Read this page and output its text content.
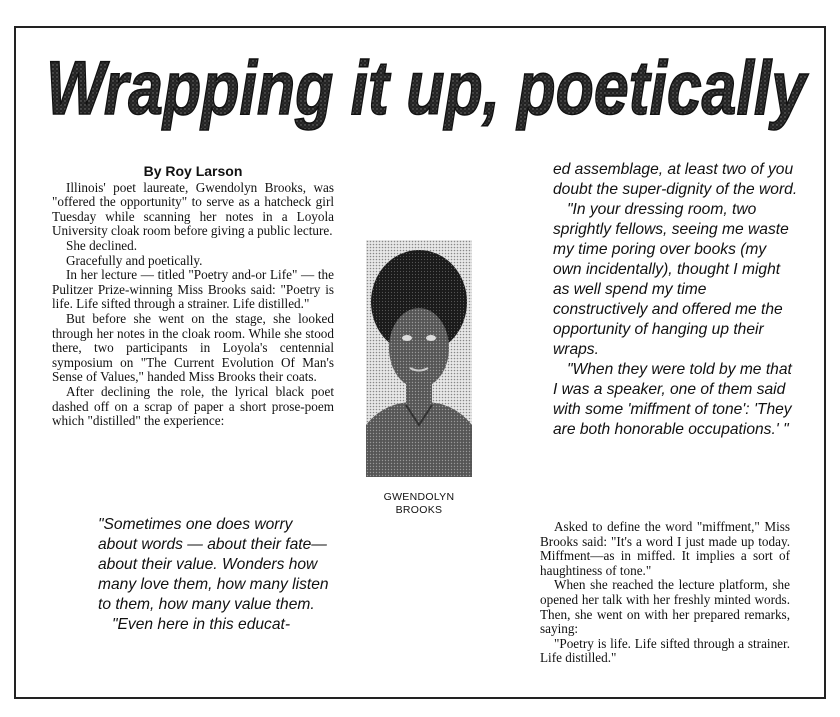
Wrapping it up, poetically
By Roy Larson

Illinois' poet laureate, Gwendolyn Brooks, was "offered the opportunity" to serve as a hatcheck girl Tuesday while scanning her notes in a Loyola University cloak room before giving a public lecture.

She declined.

Gracefully and poetically.

In her lecture — titled "Poetry and-or Life" — the Pulitzer Prize-winning Miss Brooks said: "Poetry is life. Life sifted through a strainer. Life distilled."

But before she went on the stage, she looked through her notes in the cloak room. While she stood there, two participants in Loyola's centennial symposium on "The Current Evolution Of Man's Sense of Values," handed Miss Brooks their coats.

After declining the role, the lyrical black poet dashed off on a scrap of paper a short prose-poem which "distilled" the experience:

"Sometimes one does worry about words — about their fate—about their value. Wonders how many love them, how many listen to them, how many value them.

"Even here in this educat-

GWENDOLYN
BROOKS

ed assemblage, at least two of you doubt the super-dignity of the word.

"In your dressing room, two sprightly fellows, seeing me waste my time poring over books (my own incidentally), thought I might as well spend my time constructively and offered me the opportunity of hanging up their wraps.

"When they were told by me that I was a speaker, one of them said with some 'miffment of tone': 'They are both honorable occupations.' "

Asked to define the word "miffment," Miss Brooks said: "It's a word I just made up today. Miffment—as in miffed. It implies a sort of haughtiness of tone."

When she reached the lecture platform, she opened her talk with her freshly minted words. Then, she went on with her prepared remarks, saying:

"Poetry is life. Life sifted through a strainer. Life distilled."
